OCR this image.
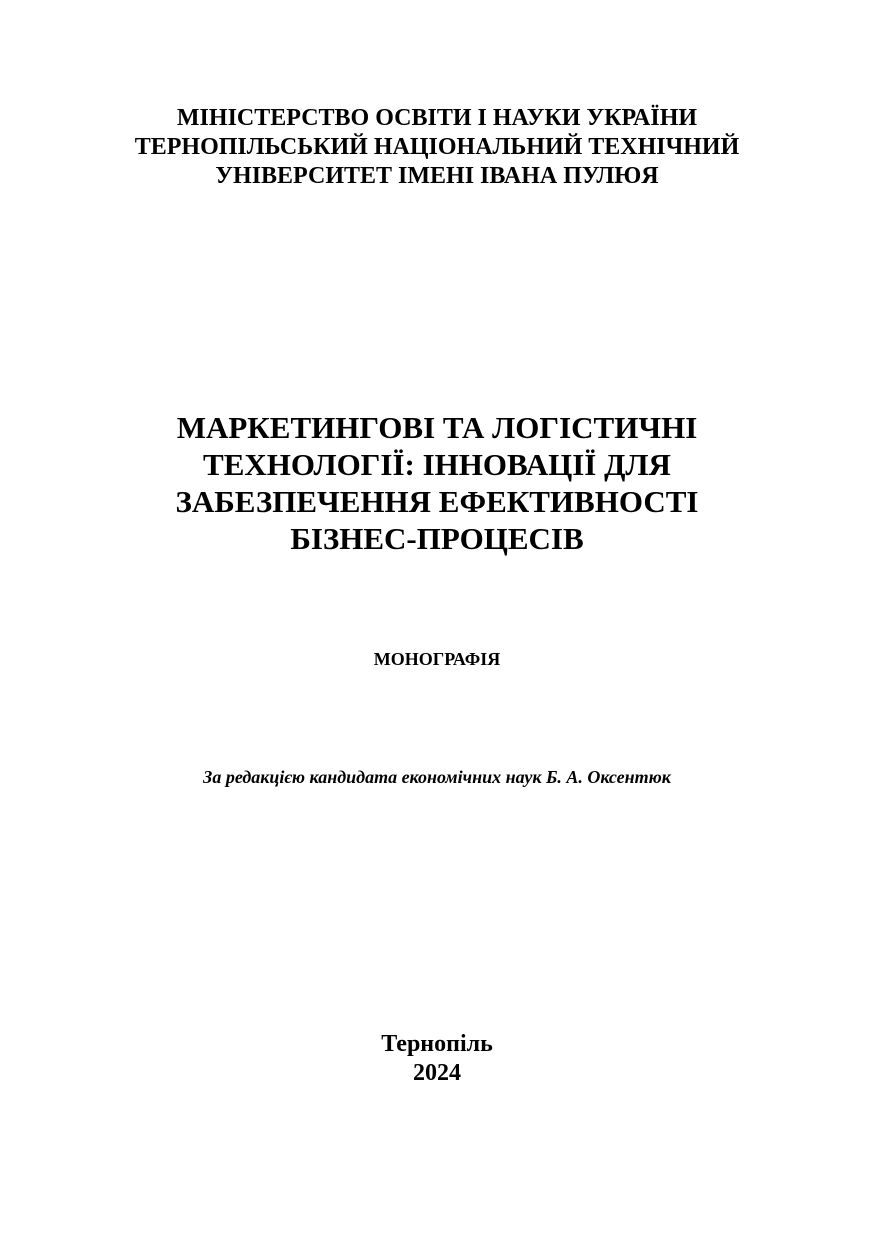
МІНІСТЕРСТВО ОСВІТИ І НАУКИ УКРАЇНИ
ТЕРНОПІЛЬСЬКИЙ НАЦІОНАЛЬНИЙ ТЕХНІЧНИЙ
УНІВЕРСИТЕТ ІМЕНІ ІВАНА ПУЛЮЯ
МАРКЕТИНГОВІ ТА ЛОГІСТИЧНІ
ТЕХНОЛОГІЇ: ІННОВАЦІЇ ДЛЯ
ЗАБЕЗПЕЧЕННЯ ЕФЕКТИВНОСТІ
БІЗНЕС-ПРОЦЕСІВ
МОНОГРАФІЯ
За редакцією кандидата економічних наук Б. А. Оксентюк
Тернопіль
2024
